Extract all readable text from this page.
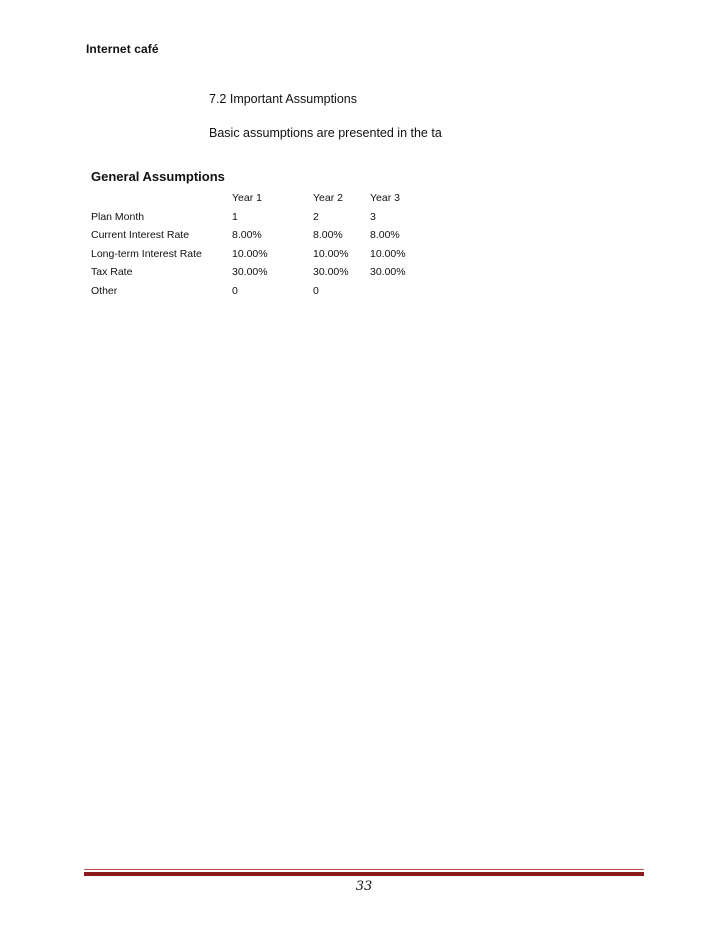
Internet café
7.2 Important Assumptions
Basic assumptions are presented in the ta
General Assumptions
	Year 1	Year 2	Year 3
Plan Month	1	2	3
Current Interest Rate	8.00%	8.00%	8.00%
Long-term Interest Rate	10.00%	10.00%	10.00%
Tax Rate	30.00%	30.00%	30.00%
Other	0	0	
33
